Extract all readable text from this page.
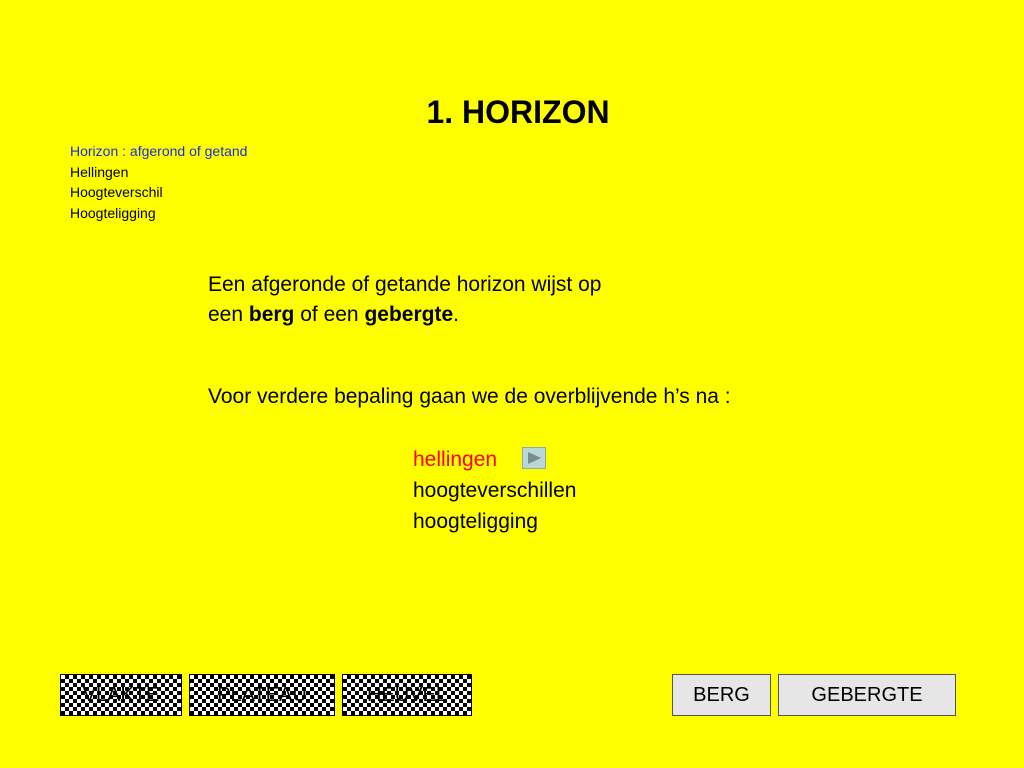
1. HORIZON
Horizon : afgerond of getand
Hellingen
Hoogteverschil
Hoogteligging
Een afgeronde of getande horizon wijst op
een berg of een gebergte.
Voor verdere bepaling gaan we de overblijvende h’s na :
hellingen
hoogteverschillen
hoogteligging
VLAKTE	PLATEAU	HEUVEL	BERG	GEBERGTE
